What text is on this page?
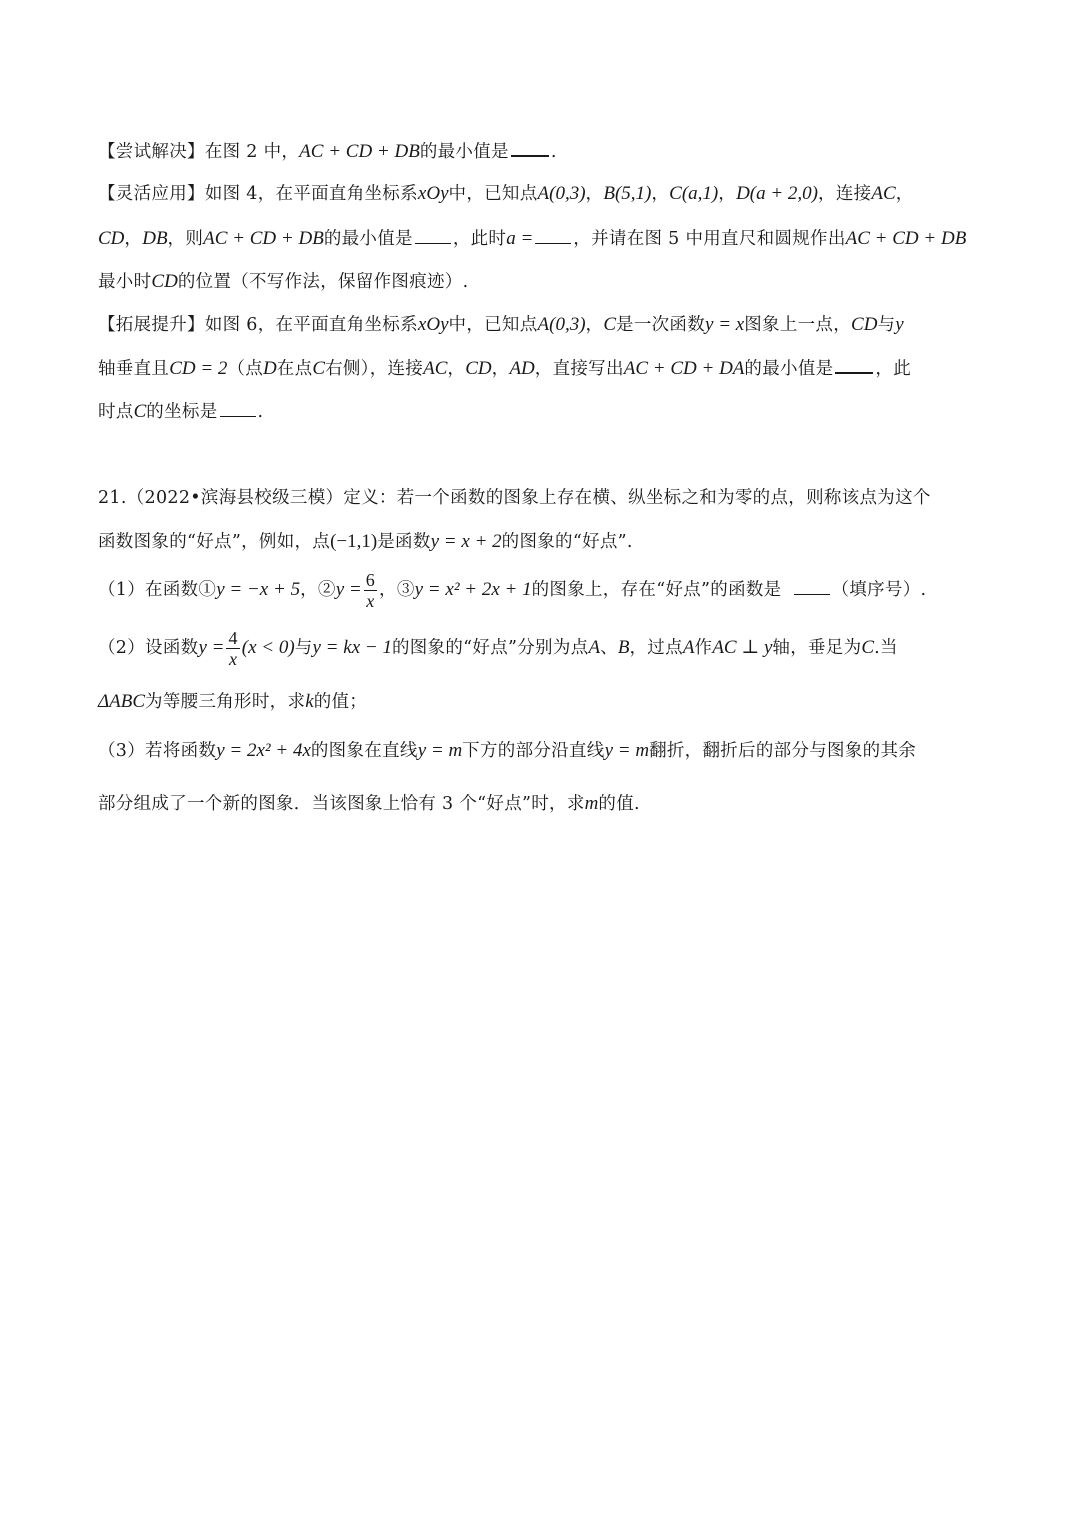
【尝试解决】在图 2 中，AC + CD + DB的最小值是 .
【灵活应用】如图 4，在平面直角坐标系xOy中，已知点A(0,3)，B(5,1)，C(a,1)，D(a + 2,0)，连接AC，
CD，DB，则AC + CD + DB的最小值是 ，此时a = ，并请在图 5 中用直尺和圆规作出AC + CD + DB
最小时CD的位置（不写作法，保留作图痕迹）.
【拓展提升】如图 6，在平面直角坐标系xOy中，已知点A(0,3)，C是一次函数y = x图象上一点，CD与y
轴垂直且CD = 2（点D在点C右侧），连接AC，CD，AD，直接写出AC + CD + DA的最小值是 ，此
时点C的坐标是 .
21.（2022•滨海县校级三模）定义：若一个函数的图象上存在横、纵坐标之和为零的点，则称该点为这个
函数图象的“好点”，例如，点(−1,1)是函数y = x + 2的图象的“好点”.
（1）在函数①y = −x + 5，②y = $\frac{6}{x}$ ，③y = x² + 2x + 1的图象上，存在“好点”的函数是	（填序号）.
（2）设函数$y = \frac{4}{x} (x < 0)$与y = kx − 1的图象的“好点”分别为点A、B，过点A作AC ⊥ y轴，垂足为C.当
ΔABC为等腰三角形时，求k的值；
（3）若将函数y = 2x² + 4x的图象在直线y = m下方的部分沿直线y = m翻折，翻折后的部分与图象的其余
部分组成了一个新的图象．当该图象上恰有 3 个“好点”时，求m的值.
